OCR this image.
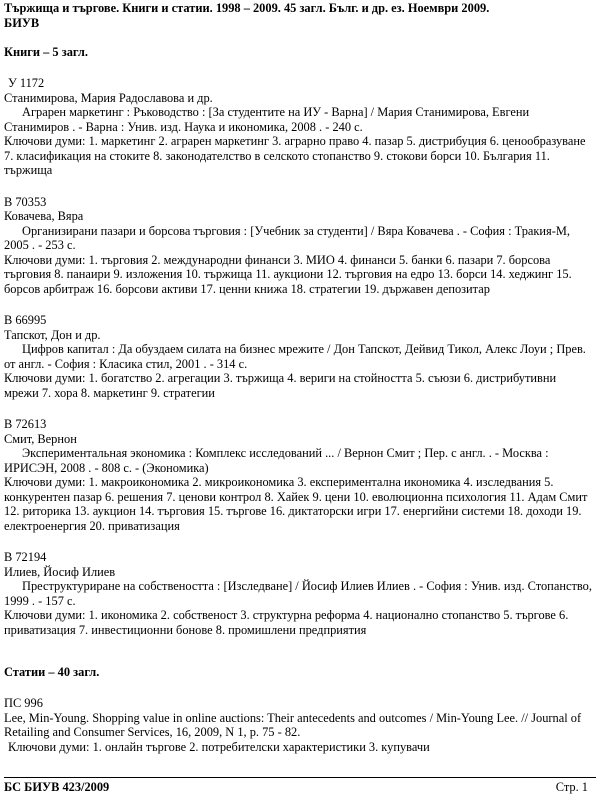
Тържища и търгове. Книги и статии. 1998 – 2009. 45 загл. Бълг. и др. ез. Ноември 2009.
БИУВ

Книги – 5 загл.

У 1172

Станимирова, Мария Радославова и др.

Аграрен маркетинг : Ръководство : [За студентите на ИУ - Варна] / Мария Станимирова, Евгени Станимиров . - Варна : Унив. изд. Наука и икономика, 2008 . - 240 с.

Ключови думи: 1. маркетинг 2. аграрен маркетинг 3. аграрно право 4. пазар 5. дистрибуция 6. ценообразуване 7. класификация на стоките 8. законодателство в селското стопанство 9. стокови борси 10. България 11. тържища

В 70353

Ковачева, Вяра

Организирани пазари и борсова търговия : [Учебник за студенти] / Вяра Ковачева . - София : Тракия-М, 2005 . - 253 с.

Ключови думи: 1. търговия 2. международни финанси 3. МИО 4. финанси 5. банки 6. пазари 7. борсова търговия 8. панаири 9. изложения 10. тържища 11. аукциони 12. търговия на едро 13. борси 14. хеджинг 15. борсов арбитраж 16. борсови активи 17. ценни книжа 18. стратегии 19. държавен депозитар

В 66995

Тапскот, Дон и др.

Цифров капитал : Да обуздаем силата на бизнес мрежите / Дон Тапскот, Дейвид Тикол, Алекс Лоуи ; Прев. от англ. - София : Класика стил, 2001 . - 314 с.

Ключови думи: 1. богатство 2. агрегации 3. тържища 4. вериги на стойността 5. съюзи 6. дистрибутивни мрежи 7. хора 8. маркетинг 9. стратегии

В 72613

Смит, Вернон

Экспериментальная экономика : Комплекс исследований ... / Вернон Смит ; Пер. с англ. . - Москва : ИРИСЭН, 2008 . - 808 с. - (Экономика)

Ключови думи: 1. макроикономика 2. микроикономика 3. експериментална икономика 4. изследвания 5. конкурентен пазар 6. решения 7. ценови контрол 8. Хайек 9. цени 10. еволюционна психология 11. Адам Смит 12. риторика 13. аукцион 14. търговия 15. търгове 16. диктаторски игри 17. енергийни системи 18. доходи 19. електроенергия 20. приватизация

В 72194

Илиев, Йосиф Илиев

Преструктуриране на собствеността : [Изследване] / Йосиф Илиев Илиев . - София : Унив. изд. Стопанство, 1999 . - 157 с.

Ключови думи: 1. икономика 2. собственост 3. структурна реформа 4. национално стопанство 5. търгове 6. приватизация 7. инвестиционни бонове 8. промишлени предприятия

Статии – 40 загл.

ПС 996

Lee, Min-Young. Shopping value in online auctions: Their antecedents and outcomes / Min-Young Lee. // Journal of Retailing and Consumer Services, 16, 2009, N 1, p. 75 - 82.

Ключови думи: 1. онлайн търгове 2. потребителски характеристики 3. купувачи

БС БИУВ 423/2009	Стр. 1
